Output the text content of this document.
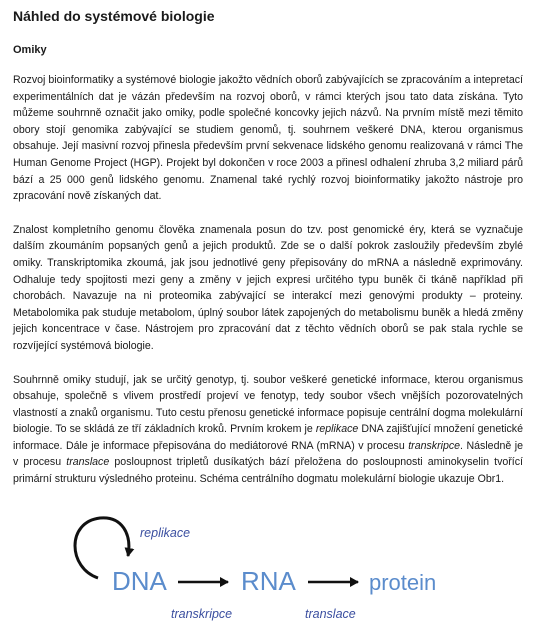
Náhled do systémové biologie
Omiky

Rozvoj bioinformatiky a systémové biologie jakožto vědních oborů zabývajících se zpracováním a intepretací experimentálních dat je vázán především na rozvoj oborů, v rámci kterých jsou tato data získána. Tyto můžeme souhrnně označit jako omiky, podle společné koncovky jejich názvů. Na prvním místě mezi těmito obory stojí genomika zabývající se studiem genomů, tj. souhrnem veškeré DNA, kterou organismus obsahuje. Její masivní rozvoj přinesla především první sekvenace lidského genomu realizovaná v rámci The Human Genome Project (HGP). Projekt byl dokončen v roce 2003 a přinesl odhalení zhruba 3,2 miliard párů bází a 25 000 genů lidského genomu. Znamenal také rychlý rozvoj bioinformatiky jakožto nástroje pro zpracování nově získaných dat.

Znalost kompletního genomu člověka znamenala posun do tzv. post genomické éry, která se vyznačuje dalším zkoumáním popsaných genů a jejich produktů. Zde se o další pokrok zasloužily především zbylé omiky. Transkriptomika zkoumá, jak jsou jednotlivé geny přepisovány do mRNA a následně exprimovány. Odhaluje tedy spojitosti mezi geny a změny v jejich expresi určitého typu buněk či tkáně například při chorobách. Navazuje na ni proteomika zabývající se interakcí mezi genovými produkty – proteiny. Metabolomika pak studuje metabolom, úplný soubor látek zapojených do metabolismu buněk a hledá změny jejich koncentrace v čase. Nástrojem pro zpracování dat z těchto vědních oborů se pak stala rychle se rozvíjející systémová biologie.

Souhrnně omiky studují, jak se určitý genotyp, tj. soubor veškeré genetické informace, kterou organismus obsahuje, společně s vlivem prostředí projeví ve fenotyp, tedy soubor všech vnějších pozorovatelných vlastností a znaků organismu. Tuto cestu přenosu genetické informace popisuje centrální dogma molekulární biologie. To se skládá ze tří základních kroků. Prvním krokem je replikace DNA zajišťující množení genetické informace. Dále je informace přepisována do mediátorové RNA (mRNA) v procesu transkripce. Následně je v procesu translace posloupnost tripletů dusíkatých bází přeložena do posloupnosti aminokyselin tvořící primární strukturu výsledného proteinu. Schéma centrálního dogmatu molekulární biologie ukazuje Obr1.

replikace
DNA	RNA	protein
transkripce	translace
